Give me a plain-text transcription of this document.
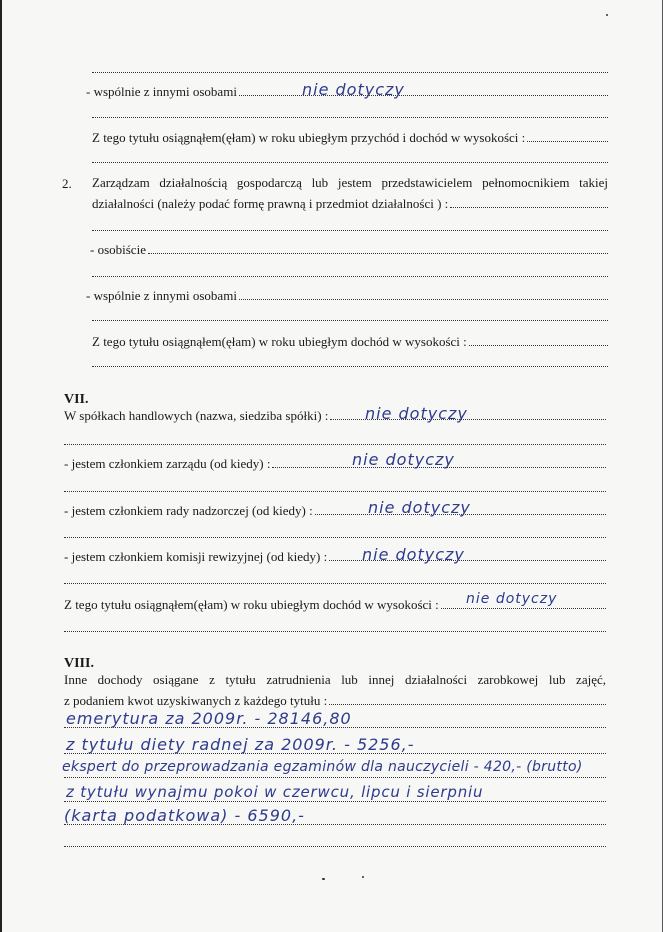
- wspólnie z innymi osobami	nie dotyczy
Z tego tytułu osiągnąłem(ęłam) w roku ubiegłym przychód i dochód w wysokości :
2. Zarządzam działalnością gospodarczą lub jestem przedstawicielem pełnomocnikiem takiej
działalności (należy podać formę prawną i przedmiot działalności ) :
- osobiście
- wspólnie z innymi osobami
Z tego tytułu osiągnąłem(ęłam) w roku ubiegłym dochód w wysokości :
VII.
W spółkach handlowych (nazwa, siedziba spółki) : nie dotyczy
- jestem członkiem zarządu (od kiedy) :	nie dotyczy
- jestem członkiem rady nadzorczej (od kiedy) :	nie dotyczy
- jestem członkiem komisji rewizyjnej (od kiedy) : nie dotyczy
Z tego tytułu osiągnąłem(ęłam) w roku ubiegłym dochód w wysokości : nie dotyczy
VIII.
Inne dochody osiągane z tytułu zatrudnienia lub innej działalności zarobkowej lub zajęć,
z podaniem kwot uzyskiwanych z każdego tytułu :
emerytura za 2009r. - 28146,80
z tytułu diety radnej za 2009r. - 5256,-
ekspert do przeprowadzania egzaminów dla nauczycieli - 420,- (brutto)
z tytułu wynajmu pokoi w czerwcu, lipcu i sierpniu
(karta podatkowa) - 6590,-
